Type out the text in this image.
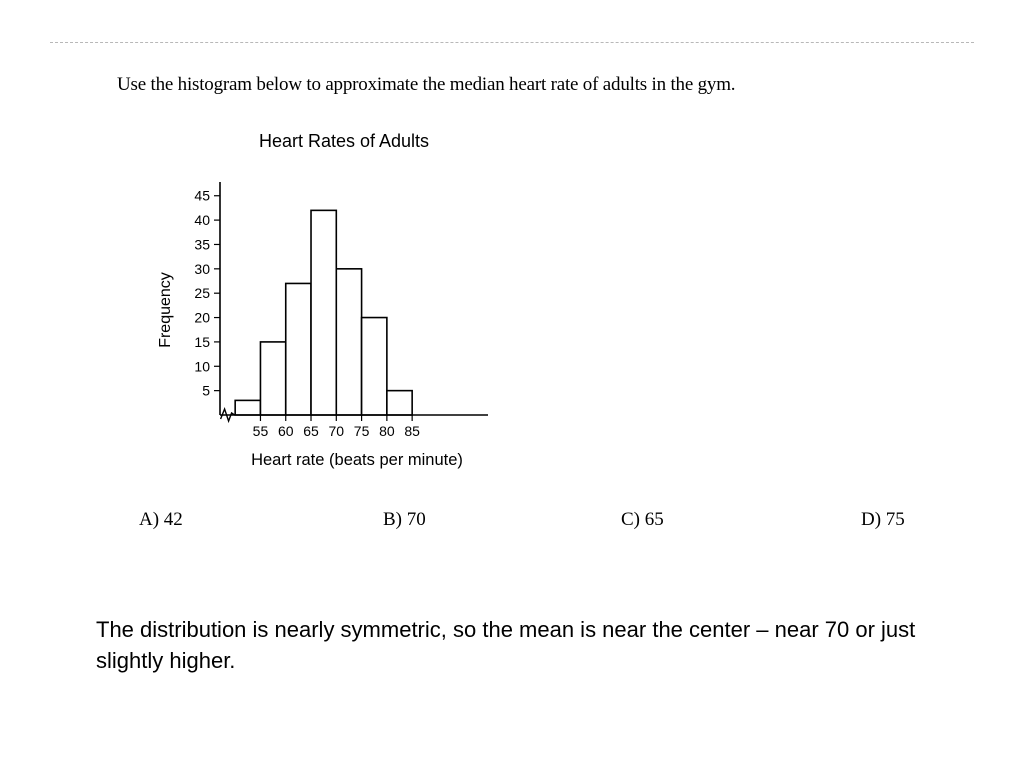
Use the histogram below to approximate the median heart rate of adults in the gym.
Heart Rates of Adults
5
10
15
20
25
30
35
40
45
55 60 65 70 75 80 85
Heart rate (beats per minute)
Frequency
A) 42	B) 70	C) 65	D) 75
The distribution is nearly symmetric, so the mean is near the center – near 70 or just slightly higher.
